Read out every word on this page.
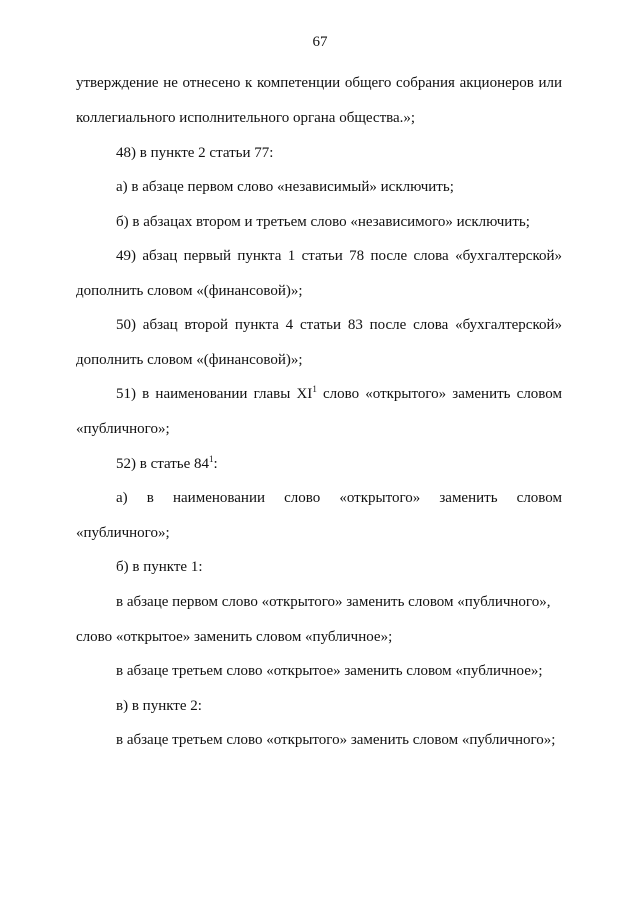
67
утверждение не отнесено к компетенции общего собрания акционеров или
коллегиального исполнительного органа общества.»;
48) в пункте 2 статьи 77:
а) в абзаце первом слово «независимый» исключить;
б) в абзацах втором и третьем слово «независимого» исключить;
49) абзац первый пункта 1 статьи 78 после слова «бухгалтерской»
дополнить словом «(финансовой)»;
50) абзац второй пункта 4 статьи 83 после слова «бухгалтерской»
дополнить словом «(финансовой)»;
51) в наименовании главы $XI^1$ слово «открытого» заменить словом
«публичного»;
52) в статье $84^1$:
а) в наименовании слово «открытого» заменить словом
«публичного»;
б) в пункте 1:
в абзаце первом слово «открытого» заменить словом «публичного»,
слово «открытое» заменить словом «публичное»;
в абзаце третьем слово «открытое» заменить словом «публичное»;
в) в пункте 2:
в абзаце третьем слово «открытого» заменить словом «публичного»;
